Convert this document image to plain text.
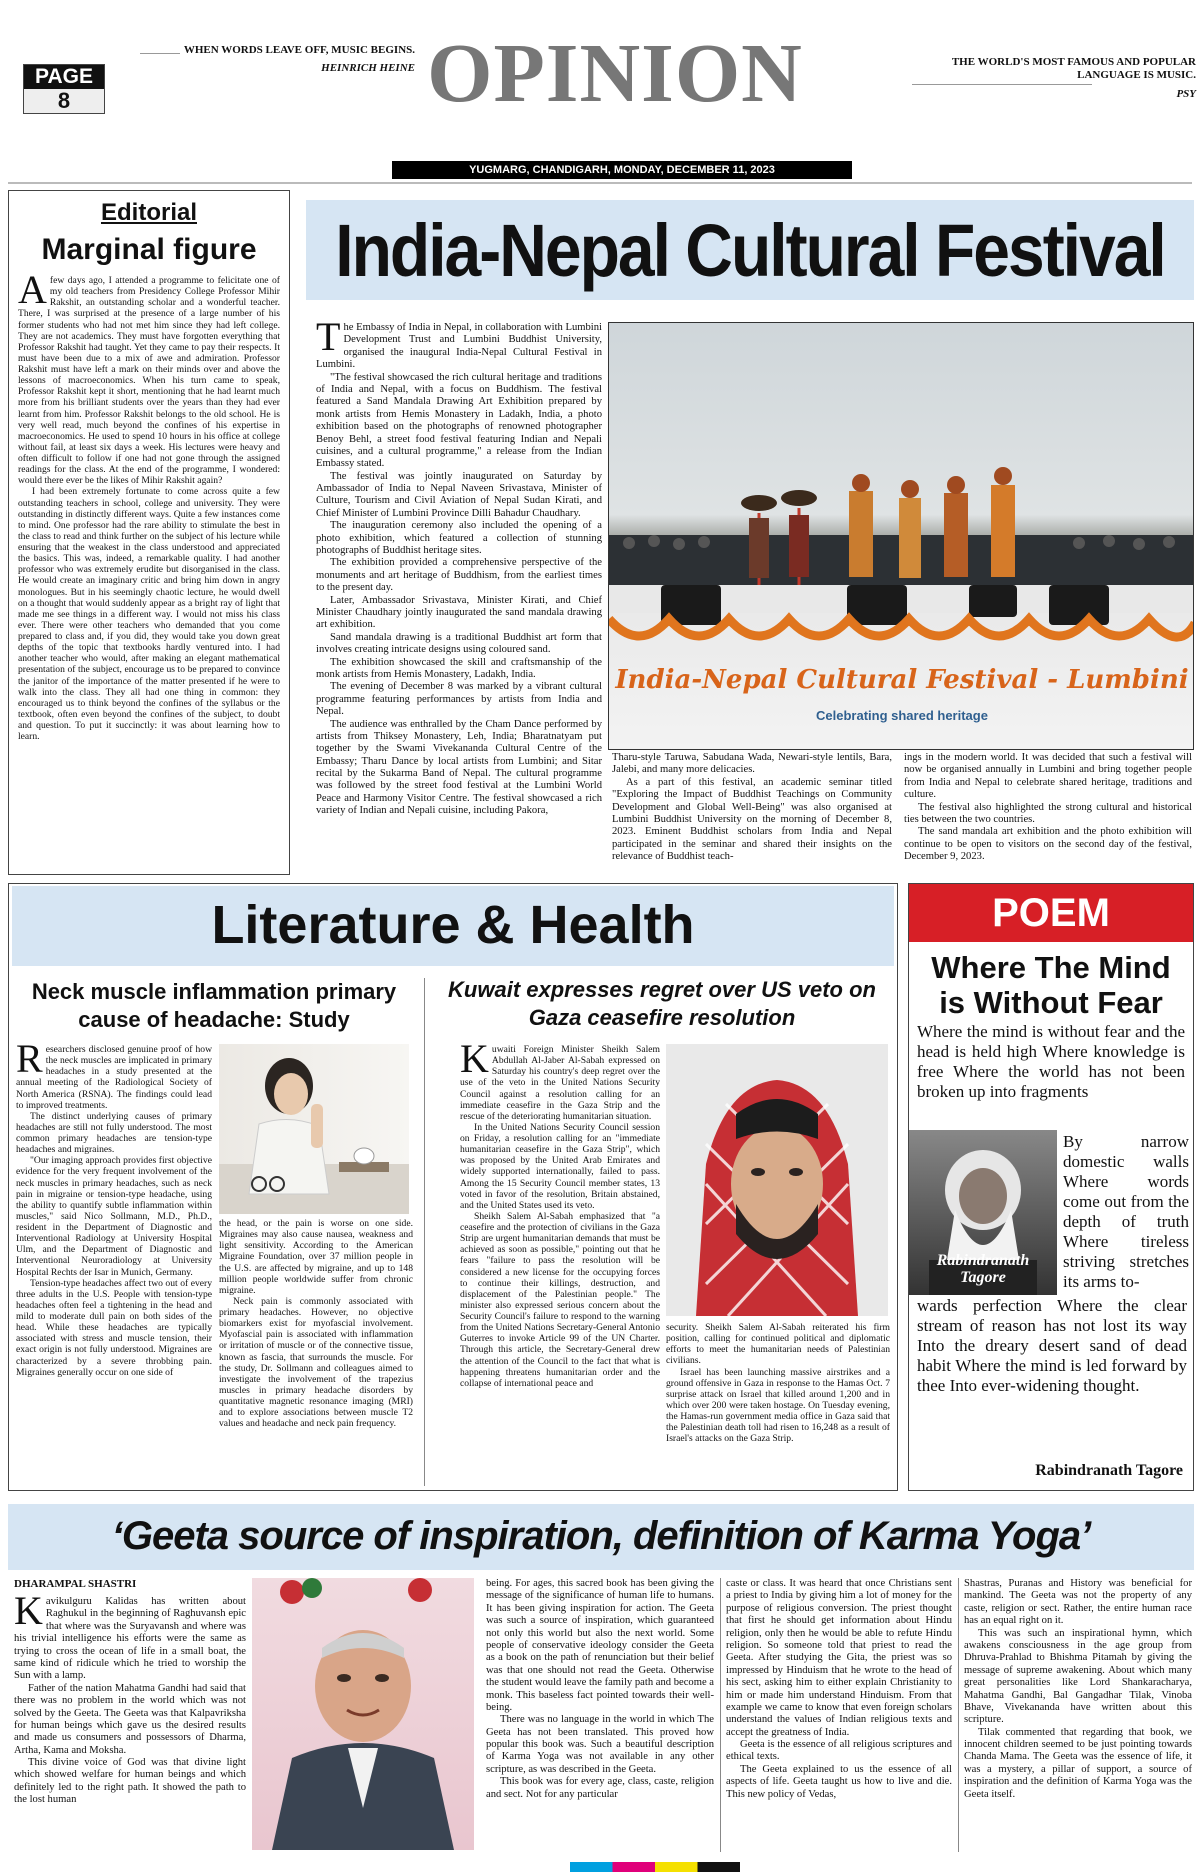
PAGE
8
WHEN WORDS LEAVE OFF, MUSIC BEGINS.
HEINRICH HEINE OPINION	THE WORLD'S MOST FAMOUS AND POPULAR LANGUAGE IS MUSIC.
PSY
YUGMARG, CHANDIGARH, MONDAY, DECEMBER 11, 2023
Editorial
Marginal figure

Afew days ago, I attended a programme to felicitate one of my old teachers from Presidency College Professor Mihir Rakshit, an outstanding scholar and a wonderful teacher. There, I was surprised at the presence of a large number of his former students who had not met him since they had left college. They are not academics. They must have forgotten everything that Professor Rakshit had taught. Yet they came to pay their respects. It must have been due to a mix of awe and admiration. Professor Rakshit must have left a mark on their minds over and above the lessons of macroeconomics. When his turn came to speak, Professor Rakshit kept it short, mentioning that he had learnt much more from his brilliant students over the years than they had ever learnt from him. Professor Rakshit belongs to the old school. He is very well read, much beyond the confines of his expertise in macroeconomics. He used to spend 10 hours in his office at college without fail, at least six days a week. His lectures were heavy and often difficult to follow if one had not gone through the assigned readings for the class. At the end of the programme, I wondered: would there ever be the likes of Mihir Rakshit again?

I had been extremely fortunate to come across quite a few outstanding teachers in school, college and university. They were outstanding in distinctly different ways. Quite a few instances come to mind. One professor had the rare ability to stimulate the best in the class to read and think further on the subject of his lecture while ensuring that the weakest in the class understood and appreciated the basics. This was, indeed, a remarkable quality. I had another professor who was extremely erudite but disorganised in the class. He would create an imaginary critic and bring him down in angry monologues. But in his seemingly chaotic lecture, he would dwell on a thought that would suddenly appear as a bright ray of light that made me see things in a different way. I would not miss his class ever. There were other teachers who demanded that you come prepared to class and, if you did, they would take you down great depths of the topic that textbooks hardly ventured into. I had another teacher who would, after making an elegant mathematical presentation of the subject, encourage us to be prepared to convince the janitor of the importance of the matter presented if he were to walk into the class. They all had one thing in common: they encouraged us to think beyond the confines of the syllabus or the textbook, often even beyond the confines of the subject, to doubt and question. To put it succinctly: it was about learning how to learn.

India-Nepal Cultural Festival

The Embassy of India in Nepal, in collaboration with Lumbini Development Trust and Lumbini Buddhist University, organised the inaugural India-Nepal Cultural Festival in Lumbini.

"The festival showcased the rich cultural heritage and traditions of India and Nepal, with a focus on Buddhism. The festival featured a Sand Mandala Drawing Art Exhibition prepared by monk artists from Hemis Monastery in Ladakh, India, a photo exhibition based on the photographs of renowned photographer Benoy Behl, a street food festival featuring Indian and Nepali cuisines, and a cultural programme," a release from the Indian Embassy stated.

The festival was jointly inaugurated on Saturday by Ambassador of India to Nepal Naveen Srivastava, Minister of Culture, Tourism and Civil Aviation of Nepal Sudan Kirati, and Chief Minister of Lumbini Province Dilli Bahadur Chaudhary.

The inauguration ceremony also included the opening of a photo exhibition, which featured a collection of stunning photographs of Buddhist heritage sites.

The exhibition provided a comprehensive perspective of the monuments and art heritage of Buddhism, from the earliest times to the present day.

Later, Ambassador Srivastava, Minister Kirati, and Chief Minister Chaudhary jointly inaugurated the sand mandala drawing art exhibition.

Sand mandala drawing is a traditional Buddhist art form that involves creating intricate designs using coloured sand.

The exhibition showcased the skill and craftsmanship of the monk artists from Hemis Monastery, Ladakh, India.

The evening of December 8 was marked by a vibrant cultural programme featuring performances by artists from India and Nepal.

The audience was enthralled by the Cham Dance performed by artists from Thiksey Monastery, Leh, India; Bharatnatyam put together by the Swami Vivekananda Cultural Centre of the Embassy; Tharu Dance by local artists from Lumbini; and Sitar recital by the Sukarma Band of Nepal. The cultural programme was followed by the street food festival at the Lumbini World Peace and Harmony Visitor Centre. The festival showcased a rich variety of Indian and Nepali cuisine, including Pakora,

India-Nepal Cultural Festival - Lumbini
Celebrating shared heritage

Tharu-style Taruwa, Sabudana Wada, Newari-style lentils, Bara, Jalebi, and many more delicacies.

As a part of this festival, an academic seminar titled "Exploring the Impact of Buddhist Teachings on Community Development and Global Well-Being" was also organised at Lumbini Buddhist University on the morning of December 8, 2023. Eminent Buddhist scholars from India and Nepal participated in the seminar and shared their insights on the relevance of Buddhist teach-

ings in the modern world. It was decided that such a festival will now be organised annually in Lumbini and bring together people from India and Nepal to celebrate shared heritage, traditions and culture.

The festival also highlighted the strong cultural and historical ties between the two countries.

The sand mandala art exhibition and the photo exhibition will continue to be open to visitors on the second day of the festival, December 9, 2023.

Literature & Health
Neck muscle inflammation primary cause of headache: Study
Kuwait expresses regret over US veto on Gaza ceasefire resolution

Researchers disclosed genuine proof of how the neck muscles are implicated in primary headaches in a study presented at the annual meeting of the Radiological Society of North America (RSNA). The findings could lead to improved treatments.

The distinct underlying causes of primary headaches are still not fully understood. The most common primary headaches are tension-type headaches and migraines.

"Our imaging approach provides first objective evidence for the very frequent involvement of the neck muscles in primary headaches, such as neck pain in migraine or tension-type headache, using the ability to quantify subtle inflammation within muscles," said Nico Sollmann, M.D., Ph.D., resident in the Department of Diagnostic and Interventional Radiology at University Hospital Ulm, and the Department of Diagnostic and Interventional Neuroradiology at University Hospital Rechts der Isar in Munich, Germany.

Tension-type headaches affect two out of every three adults in the U.S. People with tension-type headaches often feel a tightening in the head and mild to moderate dull pain on both sides of the head. While these headaches are typically associated with stress and muscle tension, their exact origin is not fully understood. Migraines are characterized by a severe throbbing pain. Migraines generally occur on one side of

the head, or the pain is worse on one side. Migraines may also cause nausea, weakness and light sensitivity. According to the American Migraine Foundation, over 37 million people in the U.S. are affected by migraine, and up to 148 million people worldwide suffer from chronic migraine.

Neck pain is commonly associated with primary headaches. However, no objective biomarkers exist for myofascial involvement. Myofascial pain is associated with inflammation or irritation of muscle or of the connective tissue, known as fascia, that surrounds the muscle. For the study, Dr. Sollmann and colleagues aimed to investigate the involvement of the trapezius muscles in primary headache disorders by quantitative magnetic resonance imaging (MRI) and to explore associations between muscle T2 values and headache and neck pain frequency.

Kuwaiti Foreign Minister Sheikh Salem Abdullah Al-Jaber Al-Sabah expressed on Saturday his country's deep regret over the use of the veto in the United Nations Security Council against a resolution calling for an immediate ceasefire in the Gaza Strip and the rescue of the deteriorating humanitarian situation.

In the United Nations Security Council session on Friday, a resolution calling for an "immediate humanitarian ceasefire in the Gaza Strip", which was proposed by the United Arab Emirates and widely supported internationally, failed to pass. Among the 15 Security Council member states, 13 voted in favor of the resolution, Britain abstained, and the United States used its veto.

Sheikh Salem Al-Sabah emphasized that "a ceasefire and the protection of civilians in the Gaza Strip are urgent humanitarian demands that must be achieved as soon as possible," pointing out that he fears "failure to pass the resolution will be considered a new license for the occupying forces to continue their killings, destruction, and displacement of the Palestinian people." The minister also expressed serious concern about the Security Council's failure to respond to the warning from the United Nations Secretary-General Antonio Guterres to invoke Article 99 of the UN Charter. Through this article, the Secretary-General drew the attention of the Council to the fact that what is happening threatens humanitarian order and the collapse of international peace and

security. Sheikh Salem Al-Sabah reiterated his firm position, calling for continued political and diplomatic efforts to meet the humanitarian needs of Palestinian civilians.

Israel has been launching massive airstrikes and a ground offensive in Gaza in response to the Hamas Oct. 7 surprise attack on Israel that killed around 1,200 and in which over 200 were taken hostage. On Tuesday evening, the Hamas-run government media office in Gaza said that the Palestinian death toll had risen to 16,248 as a result of Israel's attacks on the Gaza Strip.

POEM
Where The Mind is Without Fear
Where the mind is without fear and the head is held high Where knowledge is free Where the world has not been broken up into fragments
Rabindranath Tagore
By narrow domestic walls Where words come out from the depth of truth Where tireless striving stretches its arms to-
wards perfection Where the clear stream of reason has not lost its way Into the dreary desert sand of dead habit Where the mind is led forward by thee Into ever-widening thought.
Rabindranath Tagore
‘Geeta source of inspiration, definition of Karma Yoga’
DHARAMPAL SHASTRI

Kavikulguru Kalidas has written about Raghukul in the beginning of Raghuvansh epic that where was the Suryavansh and where was his trivial intelligence his efforts were the same as trying to cross the ocean of life in a small boat, the same kind of ridicule which he tried to worship the Sun with a lamp.

Father of the nation Mahatma Gandhi had said that there was no problem in the world which was not solved by the Geeta. The Geeta was that Kalpavriksha for human beings which gave us the desired results and made us consumers and possessors of Dharma, Artha, Kama and Moksha.

This divine voice of God was that divine light which showed welfare for human beings and which definitely led to the right path. It showed the path to the lost human

being. For ages, this sacred book has been giving the message of the significance of human life to humans. It has been giving inspiration for action. The Geeta was such a source of inspiration, which guaranteed not only this world but also the next world. Some people of conservative ideology consider the Geeta as a book on the path of renunciation but their belief was that one should not read the Geeta. Otherwise the student would leave the family path and become a monk. This baseless fact pointed towards their well-being.

There was no language in the world in which The Geeta has not been translated. This proved how popular this book was. Such a beautiful description of Karma Yoga was not available in any other scripture, as was described in the Geeta.

This book was for every age, class, caste, religion and sect. Not for any particular

caste or class. It was heard that once Christians sent a priest to India by giving him a lot of money for the purpose of religious conversion. The priest thought that first he should get information about Hindu religion, only then he would be able to refute Hindu religion. So someone told that priest to read the Geeta. After studying the Gita, the priest was so impressed by Hinduism that he wrote to the head of his sect, asking him to either explain Christianity to him or made him understand Hinduism. From that example we came to know that even foreign scholars understand the values of Indian religious texts and accept the greatness of India.

Geeta is the essence of all religious scriptures and ethical texts.

The Geeta explained to us the essence of all aspects of life. Geeta taught us how to live and die. This new policy of Vedas,

Shastras, Puranas and History was beneficial for mankind. The Geeta was not the property of any caste, religion or sect. Rather, the entire human race has an equal right on it.

This was such an inspirational hymn, which awakens consciousness in the age group from Dhruva-Prahlad to Bhishma Pitamah by giving the message of supreme awakening. About which many great personalities like Lord Shankaracharya, Mahatma Gandhi, Bal Gangadhar Tilak, Vinoba Bhave, Vivekananda have written about this scripture.

Tilak commented that regarding that book, we innocent children seemed to be just pointing towards Chanda Mama. The Geeta was the essence of life, it was a mystery, a pillar of support, a source of inspiration and the definition of Karma Yoga was the Geeta itself.
